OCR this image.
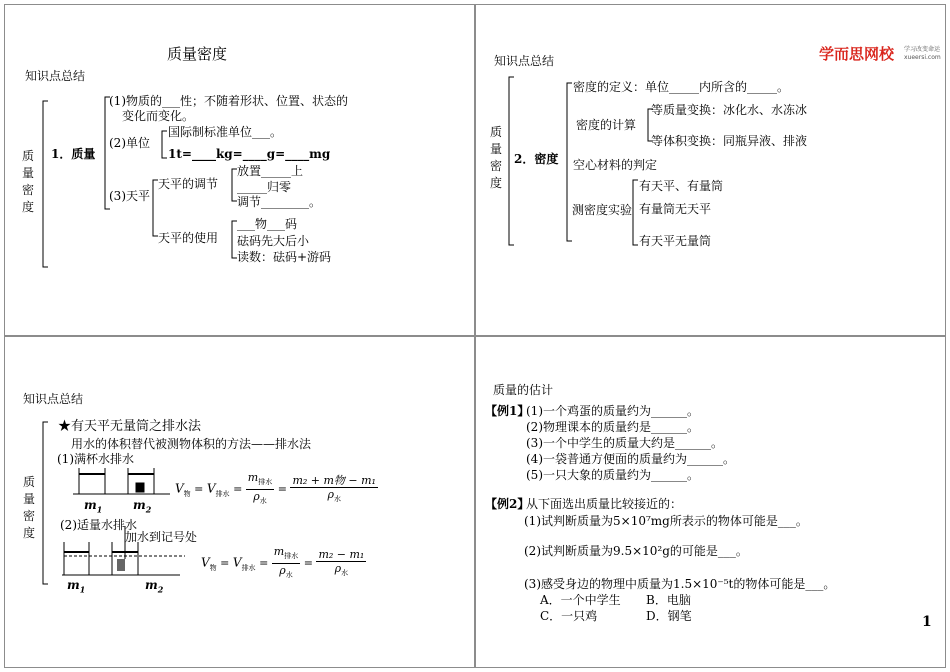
质量密度
知识点总结
质量密度
1．质量
(1)物质的___性；不随着形状、位置、状态的
变化而变化。
(2)单位
国际制标准单位___。
1t=____kg=____g=____mg
(3)天平
天平的调节
放置_____上
_____归零
调节________。
天平的使用
___物___码
砝码先大后小
读数：砝码+游码
学而思网校 学习改变命运
xueersi.com
知识点总结
质量密度
2．密度
密度的定义：单位_____内所含的_____。
密度的计算
等质量变换：冰化水、水冻冰
等体积变换：同瓶异液、排液
空心材料的判定
测密度实验
有天平、有量筒
有量筒无天平
有天平无量筒
知识点总结
质量密度
★有天平无量筒之排水法
用水的体积替代被测物体积的方法——排水法
(1)满杯水排水
$m_1$	$m_2$
$V_物 = V_{排水} = \frac{m_{排水}}{\rho_水} = \frac{\text{m₂ + m物 − m₁}}{\rho_水}$
(2)适量水排水
加水到记号处
$m_1$	$m_2$
$V_物 = V_{排水} = \frac{m_{排水}}{\rho_水} = \frac{\text{m₂ − m₁}}{\rho_水}$
质量的估计
【例1】
(1)一个鸡蛋的质量约为______。
(2)物理课本的质量约是______。
(3)一个中学生的质量大约是______。
(4)一袋普通方便面的质量约为______。
(5)一只大象的质量约为______。
【例2】
从下面选出质量比较接近的：
(1)试判断质量为5×10⁷mg所表示的物体可能是___。
(2)试判断质量为9.5×10²g的可能是___。
(3)感受身边的物理中质量为1.5×10⁻⁵t的物体可能是___。
A．一个中学生 B．电脑
C．一只鸡	D．钢笔	1
